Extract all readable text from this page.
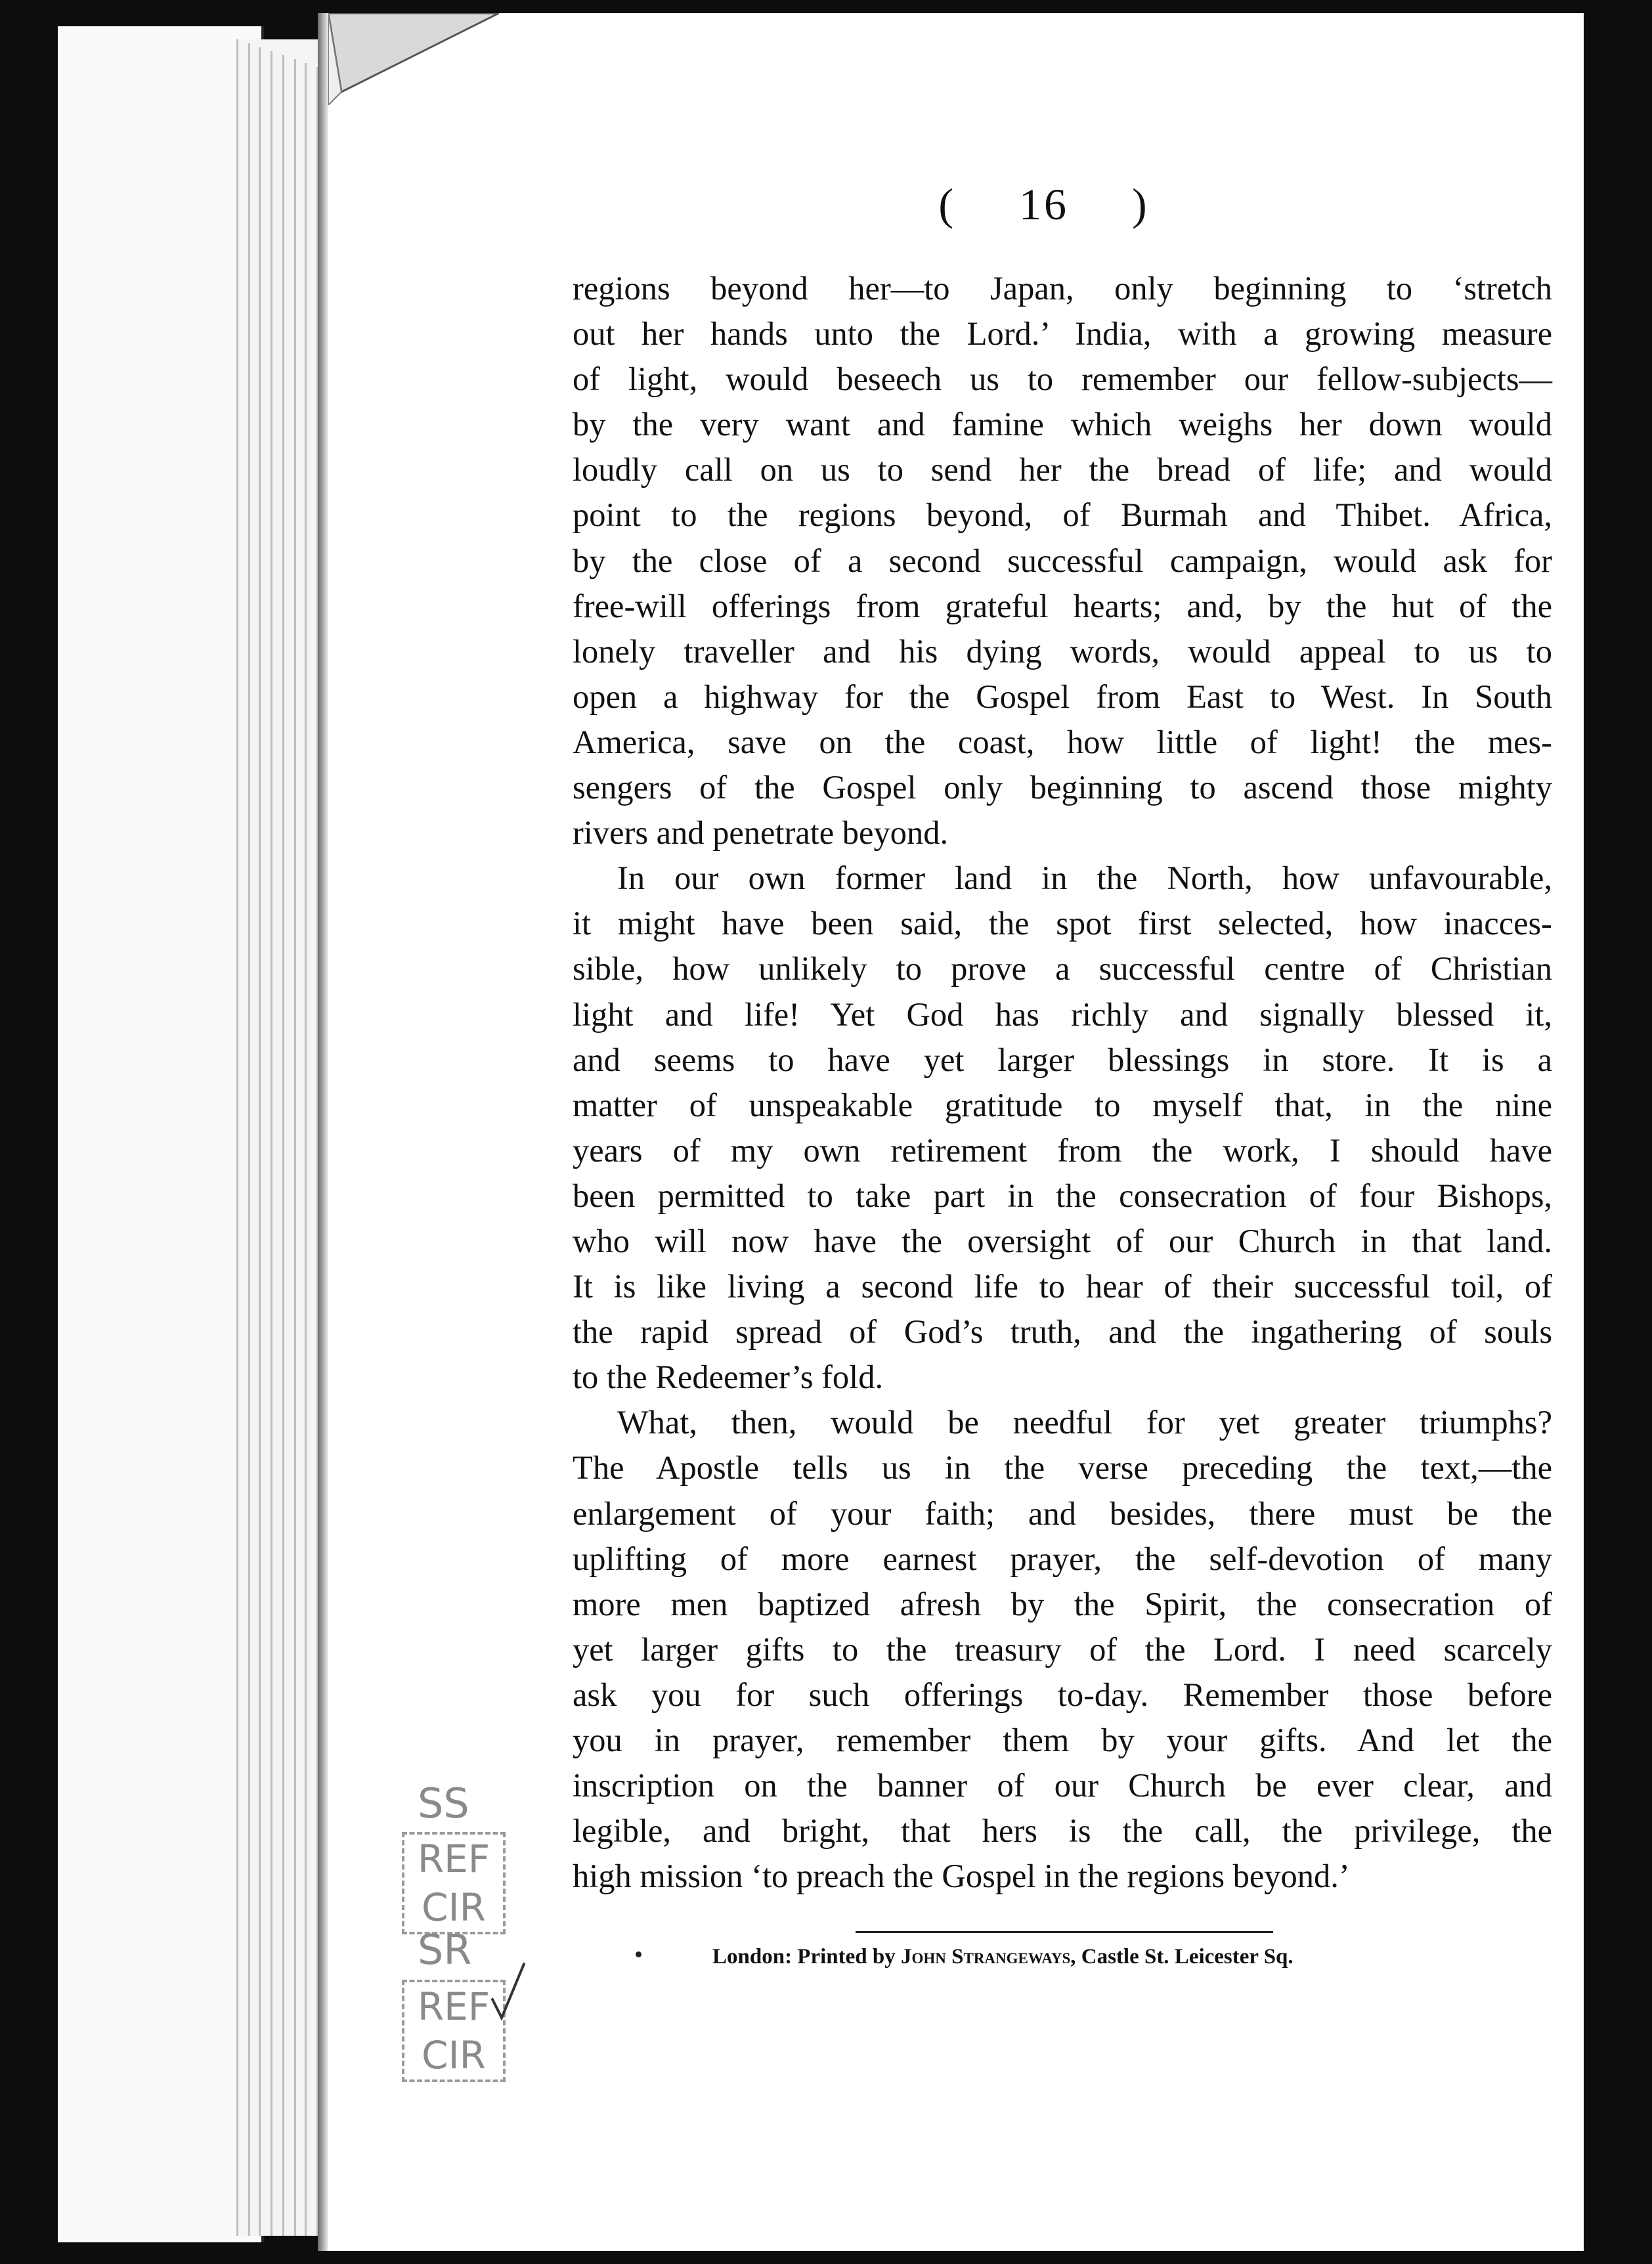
( 16 )
regions beyond her—to Japan, only beginning to ‘stretch
out her hands unto the Lord.’ India, with a growing measure
of light, would beseech us to remember our fellow-subjects—
by the very want and famine which weighs her down would
loudly call on us to send her the bread of life; and would
point to the regions beyond, of Burmah and Thibet. Africa,
by the close of a second successful campaign, would ask for
free-will offerings from grateful hearts; and, by the hut of the
lonely traveller and his dying words, would appeal to us to
open a highway for the Gospel from East to West. In South
America, save on the coast, how little of light! the mes-
sengers of the Gospel only beginning to ascend those mighty
rivers and penetrate beyond.
In our own former land in the North, how unfavourable,
it might have been said, the spot first selected, how inacces-
sible, how unlikely to prove a successful centre of Christian
light and life! Yet God has richly and signally blessed it,
and seems to have yet larger blessings in store. It is a
matter of unspeakable gratitude to myself that, in the nine
years of my own retirement from the work, I should have
been permitted to take part in the consecration of four Bishops,
who will now have the oversight of our Church in that land.
It is like living a second life to hear of their successful toil, of
the rapid spread of God’s truth, and the ingathering of souls
to the Redeemer’s fold.
What, then, would be needful for yet greater triumphs?
The Apostle tells us in the verse preceding the text,—the
enlargement of your faith; and besides, there must be the
uplifting of more earnest prayer, the self-devotion of many
more men baptized afresh by the Spirit, the consecration of
yet larger gifts to the treasury of the Lord. I need scarcely
ask you for such offerings to-day. Remember those before
you in prayer, remember them by your gifts. And let the
inscription on the banner of our Church be ever clear, and
legible, and bright, that hers is the call, the privilege, the
high mission ‘to preach the Gospel in the regions beyond.’
London: Printed by John Strangeways, Castle St. Leicester Sq.
SS
REF
CIR
SR
REF
CIR
